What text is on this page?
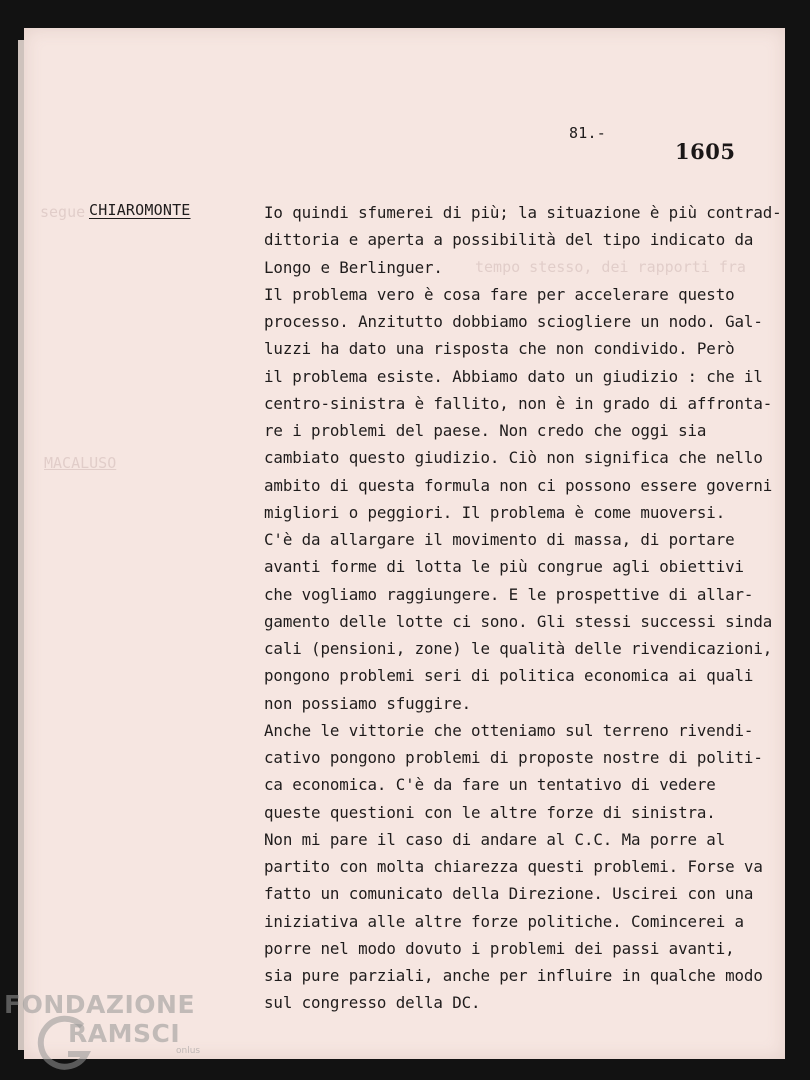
segue
MACALUSO
tempo stesso, dei rapporti fra
81.-
1605
CHIAROMONTE	Io quindi sfumerei di più; la situazione è più contrad-
dittoria e aperta a possibilità del tipo indicato da
Longo e Berlinguer.
Il problema vero è cosa fare per accelerare questo
processo. Anzitutto dobbiamo sciogliere un nodo. Gal-
luzzi ha dato una risposta che non condivido. Però
il problema esiste. Abbiamo dato un giudizio : che il
centro-sinistra è fallito, non è in grado di affronta-
re i problemi del paese. Non credo che oggi sia
cambiato questo giudizio. Ciò non significa che nello
ambito di questa formula non ci possono essere governi
migliori o peggiori. Il problema è come muoversi.
C'è da allargare il movimento di massa, di portare
avanti forme di lotta le più congrue agli obiettivi
che vogliamo raggiungere. E le prospettive di allar-
gamento delle lotte ci sono. Gli stessi successi sinda
cali (pensioni, zone) le qualità delle rivendicazioni,
pongono problemi seri di politica economica ai quali
non possiamo sfuggire.
Anche le vittorie che otteniamo sul terreno rivendi-
cativo pongono problemi di proposte nostre di politi-
ca economica. C'è da fare un tentativo di vedere
queste questioni con le altre forze di sinistra.
Non mi pare il caso di andare al C.C. Ma porre al
partito con molta chiarezza questi problemi. Forse va
fatto un comunicato della Direzione. Uscirei con una
iniziativa alle altre forze politiche. Comincerei a
porre nel modo dovuto i problemi dei passi avanti,
sia pure parziali, anche per influire in qualche modo
sul congresso della DC.
FONDAZIONE
RAMSCI
onlus
